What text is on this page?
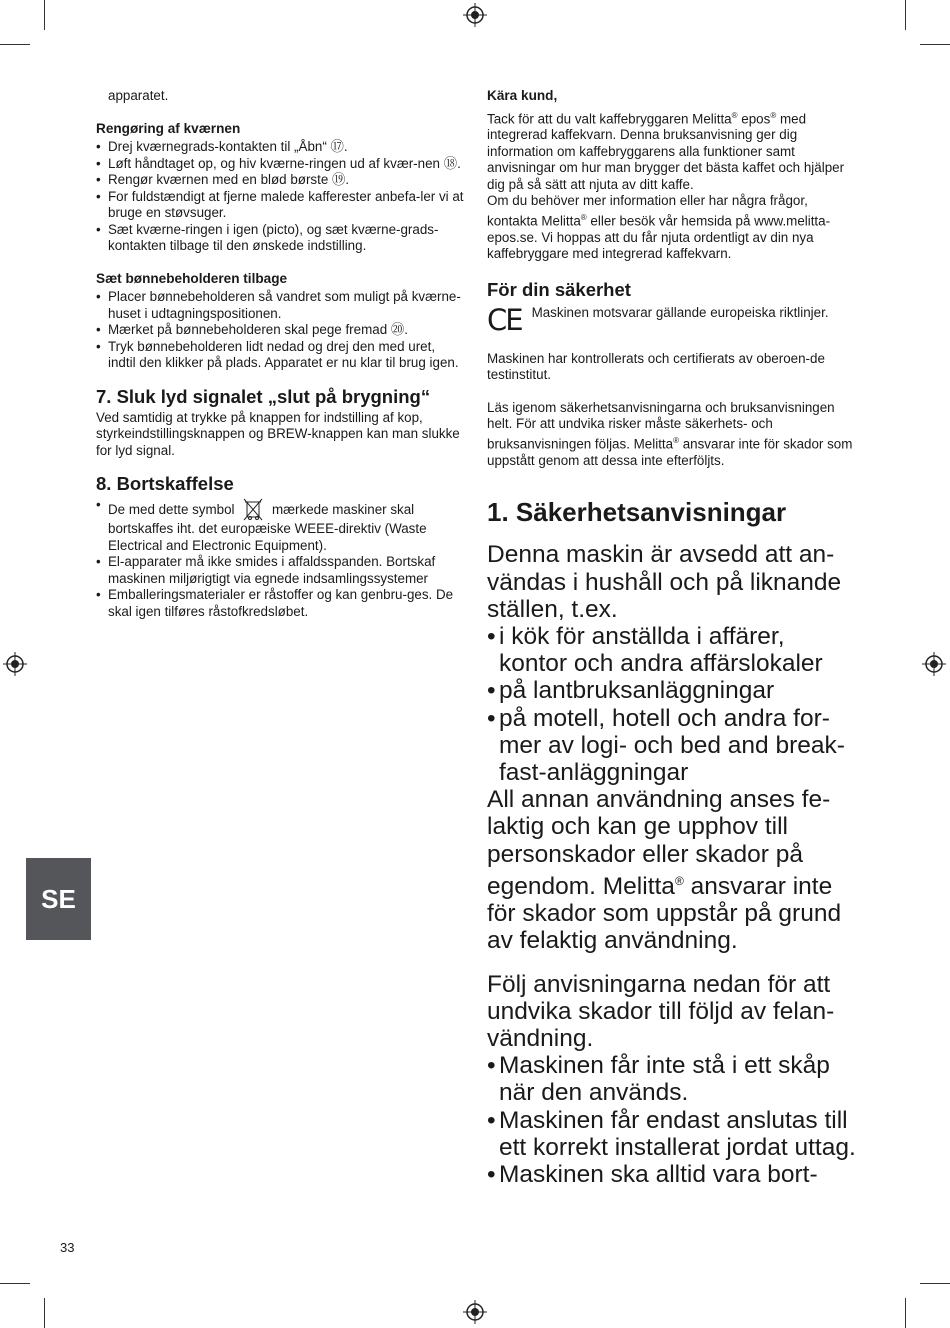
apparatet.

Rengøring af kværnen

• Drej kværnegrads-kontakten til „Åbn“ ⑰.
• Løft håndtaget op, og hiv kværne-ringen ud af kvær-nen ⑱.
• Rengør kværnen med en blød børste ⑲.
• For fuldstændigt at fjerne malede kafferester anbefa-ler vi at bruge en støvsuger.
• Sæt kværne-ringen i igen (picto), og sæt kværne-grads-kontakten tilbage til den ønskede indstilling.

Sæt bønnebeholderen tilbage

• Placer bønnebeholderen så vandret som muligt på kværne-huset i udtagningspositionen.
• Mærket på bønnebeholderen skal pege fremad ⑳.
• Tryk bønnebeholderen lidt nedad og drej den med uret, indtil den klikker på plads. Apparatet er nu klar til brug igen.

7. Sluk lyd signalet „slut på brygning“

Ved samtidig at trykke på knappen for indstilling af kop, styrkeindstillingsknappen og BREW-knappen kan man slukke for lyd signal.

8. Bortskaffelse

• De med dette symbol	mærkede maskiner skal bortskaffes iht. det europæiske WEEE-direktiv (Waste Electrical and Electronic Equipment).
• El-apparater må ikke smides i affaldsspanden. Bortskaf maskinen miljørigtigt via egnede indsamlingssystemer
• Emballeringsmaterialer er råstoffer og kan genbru-ges. De skal igen tilføres råstofkredsløbet.

Kära kund,

Tack för att du valt kaffebryggaren Melitta® epos® med integrerad kaffekvarn. Denna bruksanvisning ger dig information om kaffebryggarens alla funktioner samt anvisningar om hur man brygger det bästa kaffet och hjälper dig på så sätt att njuta av ditt kaffe.
Om du behöver mer information eller har några frågor, kontakta Melitta® eller besök vår hemsida på www.melitta-epos.se. Vi hoppas att du får njuta ordentligt av din nya kaffebryggare med integrerad kaffekvarn.

För din säkerhet

CE Maskinen motsvarar gällande europeiska riktlinjer.

Maskinen har kontrollerats och certifierats av oberoen-de testinstitut.

Läs igenom säkerhetsanvisningarna och bruksanvisningen helt. För att undvika risker måste säkerhets- och bruksanvisningen följas. Melitta® ansvarar inte för skador som uppstått genom att dessa inte efterföljts.

1. Säkerhetsanvisningar

Denna maskin är avsedd att an-vändas i hushåll och på liknande ställen, t.ex.

• i kök för anställda i affärer, kontor och andra affärslokaler
• på lantbruksanläggningar
• på motell, hotell och andra for-mer av logi- och bed and break-fast-anläggningar

All annan användning anses fe-laktig och kan ge upphov till personskador eller skador på egendom. Melitta® ansvarar inte för skador som uppstår på grund av felaktig användning.

Följ anvisningarna nedan för att undvika skador till följd av felan-vändning.

• Maskinen får inte stå i ett skåp när den används.
• Maskinen får endast anslutas till ett korrekt installerat jordat uttag.
• Maskinen ska alltid vara bort-
SE
33
